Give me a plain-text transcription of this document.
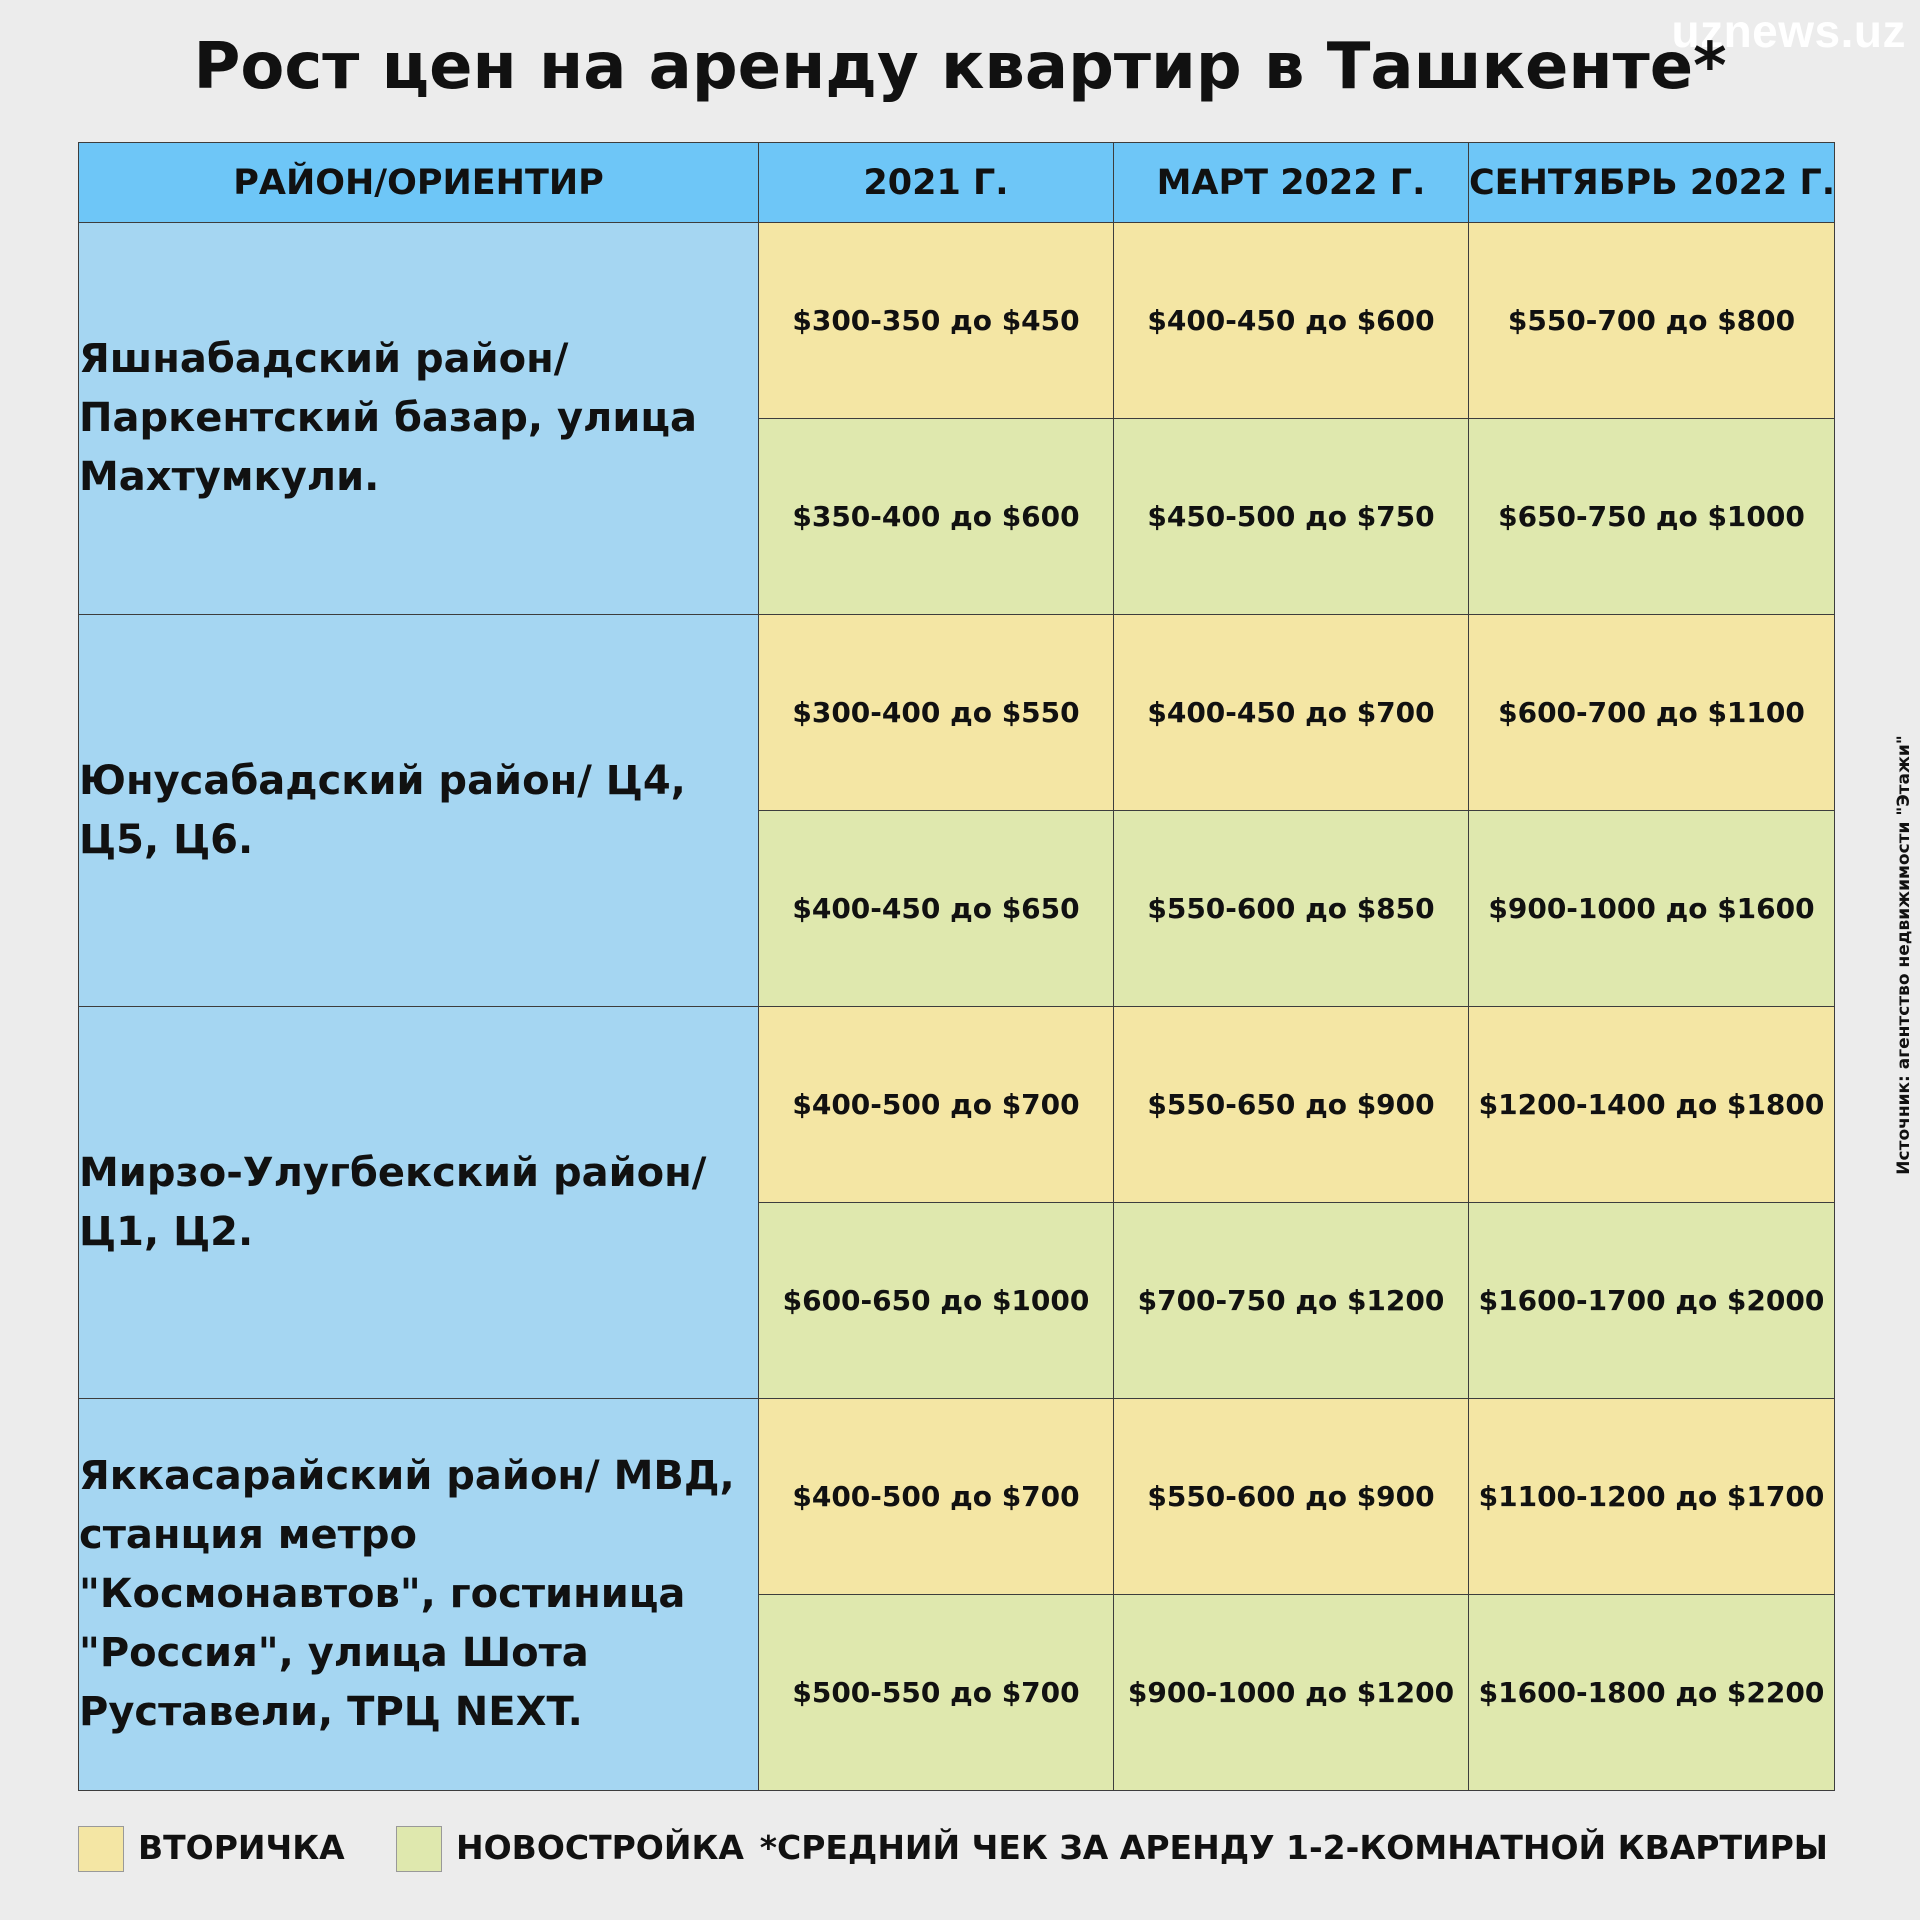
uznews.uz
Рост цен на аренду квартир в Ташкенте*
РАЙОН/ОРИЕНТИР	2021 Г.	МАРТ 2022 Г.	СЕНТЯБРЬ 2022 Г.
Яшнабадский район/ Паркентский базар, улица Махтумкули.	$300-350 до $450	$400-450 до $600	$550-700 до $800
	$350-400 до $600	$450-500 до $750	$650-750 до $1000
Юнусабадский район/ Ц4, Ц5, Ц6.	$300-400 до $550	$400-450 до $700	$600-700 до $1100
	$400-450 до $650	$550-600 до $850	$900-1000 до $1600
Мирзо-Улугбекский район/ Ц1, Ц2.	$400-500 до $700	$550-650 до $900	$1200-1400 до $1800
	$600-650 до $1000	$700-750 до $1200	$1600-1700 до $2000
Яккасарайский район/ МВД, станция метро "Космонавтов", гостиница "Россия", улица Шота Руставели, ТРЦ NEXT.	$400-500 до $700	$550-600 до $900	$1100-1200 до $1700
	$500-550 до $700	$900-1000 до $1200	$1600-1800 до $2200
ВТОРИЧКА	НОВОСТРОЙКА *СРЕДНИЙ ЧЕК ЗА АРЕНДУ 1-2-КОМНАТНОЙ КВАРТИРЫ
Источник: агентство недвижимости "Этажи"
